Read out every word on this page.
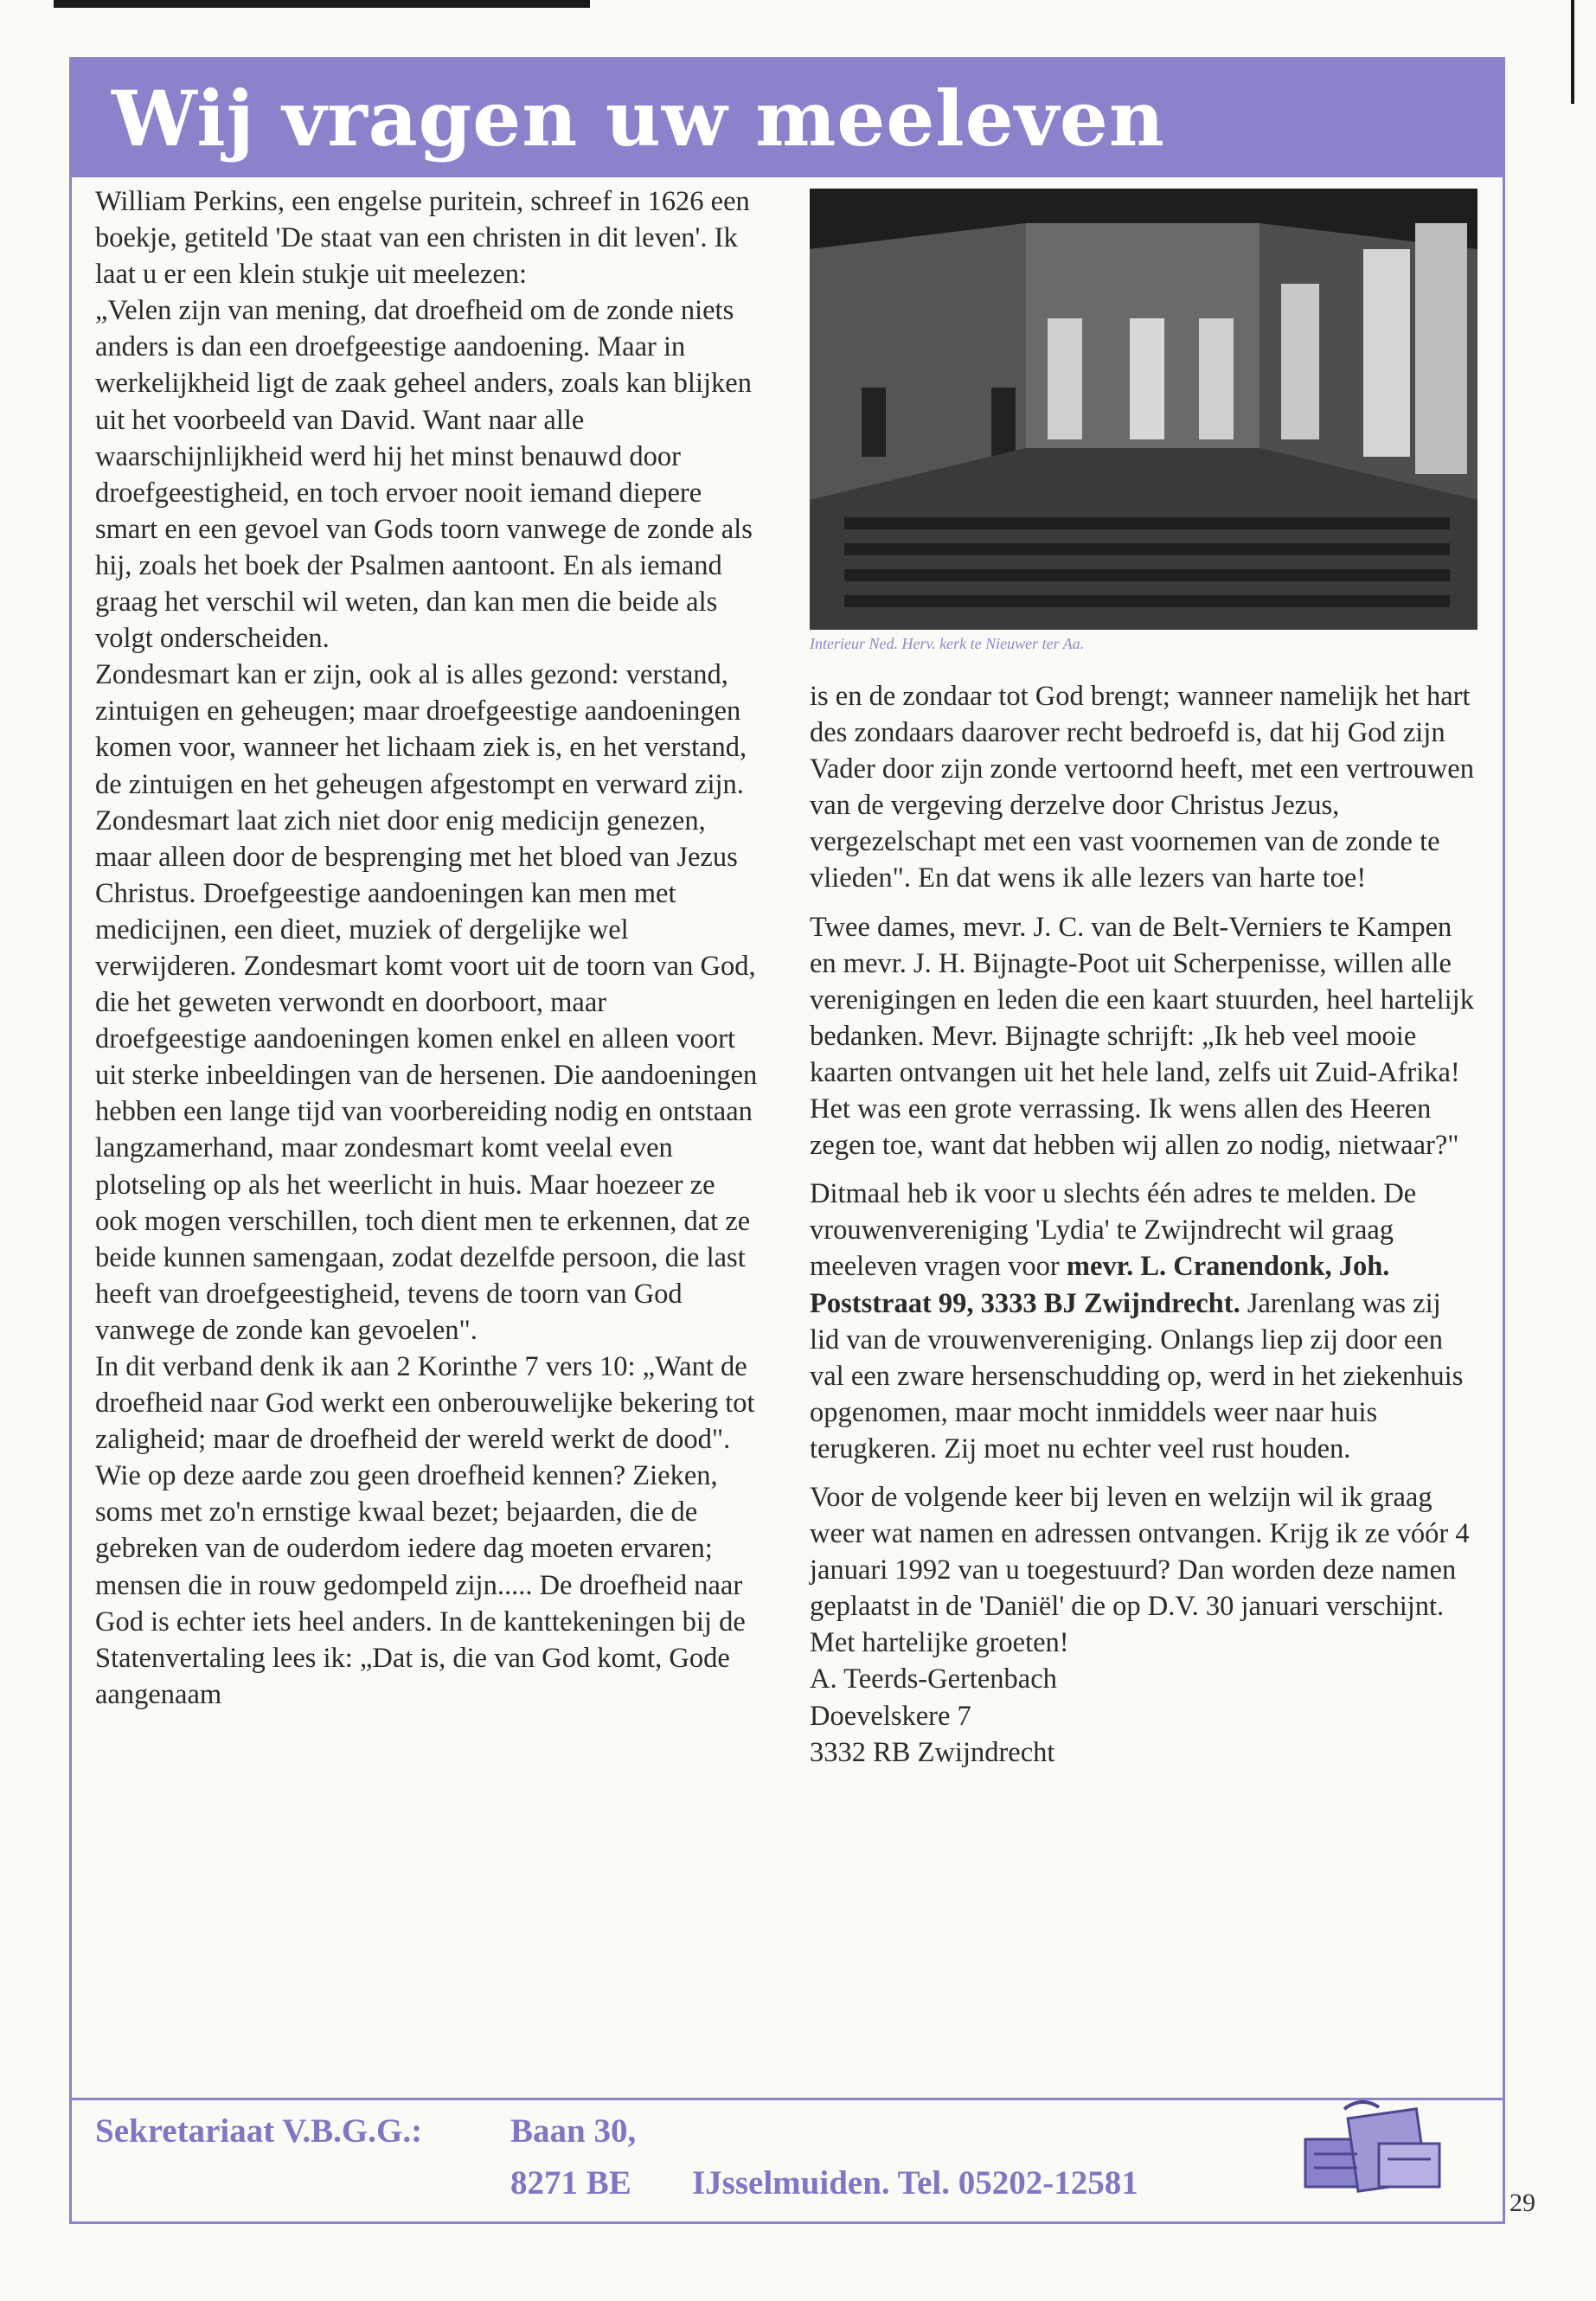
Wij vragen uw meeleven

William Perkins, een engelse puritein, schreef in 1626 een boekje, getiteld 'De staat van een christen in dit leven'. Ik laat u er een klein stukje uit meelezen:

„Velen zijn van mening, dat droefheid om de zonde niets anders is dan een droefgeestige aandoening. Maar in werkelijkheid ligt de zaak geheel anders, zoals kan blijken uit het voorbeeld van David. Want naar alle waarschijnlijkheid werd hij het minst benauwd door droefgeestigheid, en toch ervoer nooit iemand diepere smart en een gevoel van Gods toorn vanwege de zonde als hij, zoals het boek der Psalmen aantoont. En als iemand graag het verschil wil weten, dan kan men die beide als volgt onderscheiden.

Zondesmart kan er zijn, ook al is alles gezond: verstand, zintuigen en geheugen; maar droefgeestige aandoeningen komen voor, wanneer het lichaam ziek is, en het verstand, de zintuigen en het geheugen afgestompt en verward zijn. Zondesmart laat zich niet door enig medicijn genezen, maar alleen door de besprenging met het bloed van Jezus Christus. Droefgeestige aandoeningen kan men met medicijnen, een dieet, muziek of dergelijke wel verwijderen. Zondesmart komt voort uit de toorn van God, die het geweten verwondt en doorboort, maar droefgeestige aandoeningen komen enkel en alleen voort uit sterke inbeeldingen van de hersenen. Die aandoeningen hebben een lange tijd van voorbereiding nodig en ontstaan langzamerhand, maar zondesmart komt veelal even plotseling op als het weerlicht in huis. Maar hoezeer ze ook mogen verschillen, toch dient men te erkennen, dat ze beide kunnen samengaan, zodat dezelfde persoon, die last heeft van droefgeestigheid, tevens de toorn van God vanwege de zonde kan gevoelen".

In dit verband denk ik aan 2 Korinthe 7 vers 10: „Want de droefheid naar God werkt een onberouwelijke bekering tot zaligheid; maar de droefheid der wereld werkt de dood". Wie op deze aarde zou geen droefheid kennen? Zieken, soms met zo'n ernstige kwaal bezet; bejaarden, die de gebreken van de ouderdom iedere dag moeten ervaren; mensen die in rouw gedompeld zijn..... De droefheid naar God is echter iets heel anders. In de kanttekeningen bij de Statenvertaling lees ik: „Dat is, die van God komt, Gode aangenaam

Interieur Ned. Herv. kerk te Nieuwer ter Aa.

is en de zondaar tot God brengt; wanneer namelijk het hart des zondaars daarover recht bedroefd is, dat hij God zijn Vader door zijn zonde vertoornd heeft, met een vertrouwen van de vergeving derzelve door Christus Jezus, vergezelschapt met een vast voornemen van de zonde te vlieden". En dat wens ik alle lezers van harte toe!

Twee dames, mevr. J. C. van de Belt-Verniers te Kampen en mevr. J. H. Bijnagte-Poot uit Scherpenisse, willen alle verenigingen en leden die een kaart stuurden, heel hartelijk bedanken. Mevr. Bijnagte schrijft: „Ik heb veel mooie kaarten ontvangen uit het hele land, zelfs uit Zuid-Afrika! Het was een grote verrassing. Ik wens allen des Heeren zegen toe, want dat hebben wij allen zo nodig, nietwaar?"

Ditmaal heb ik voor u slechts één adres te melden. De vrouwenvereniging 'Lydia' te Zwijndrecht wil graag meeleven vragen voor mevr. L. Cranendonk, Joh. Poststraat 99, 3333 BJ Zwijndrecht. Jarenlang was zij lid van de vrouwenvereniging. Onlangs liep zij door een val een zware hersenschudding op, werd in het ziekenhuis opgenomen, maar mocht inmiddels weer naar huis terugkeren. Zij moet nu echter veel rust houden.

Voor de volgende keer bij leven en welzijn wil ik graag weer wat namen en adressen ontvangen. Krijg ik ze vóór 4 januari 1992 van u toegestuurd? Dan worden deze namen geplaatst in de 'Daniël' die op D.V. 30 januari verschijnt.

Met hartelijke groeten!

A. Teerds-Gertenbach

Doevelskere 7

3332 RB Zwijndrecht

Sekretariaat V.B.G.G.:	Baan 30,
8271 BE IJsselmuiden. Tel. 05202-12581
29
